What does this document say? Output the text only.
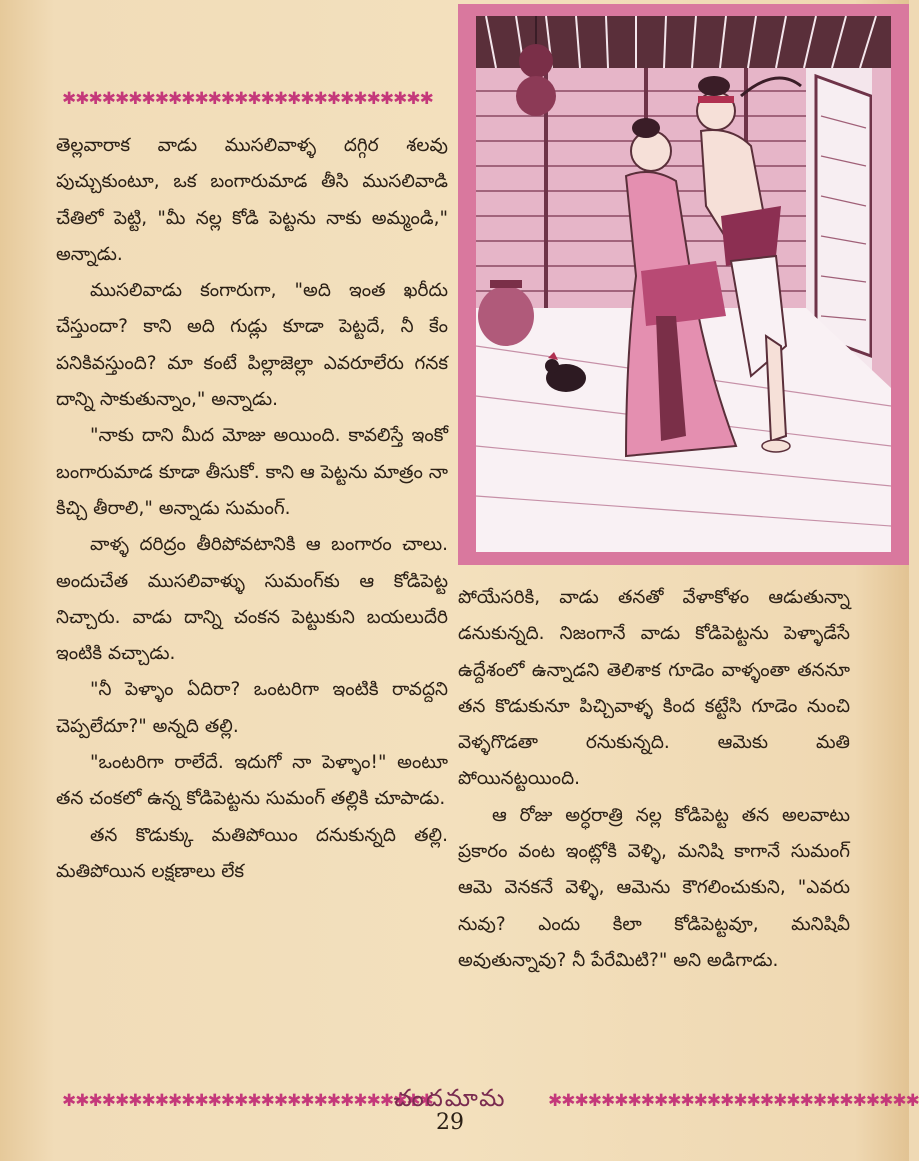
✱✱✱✱✱✱✱✱✱✱✱✱✱✱✱✱✱✱✱✱✱✱✱✱✱✱✱✱

తెల్లవారాక వాడు ముసలివాళ్ళ దగ్గిర శలవు పుచ్చుకుంటూ, ఒక బంగారుమాడ తీసి ముసలివాడి చేతిలో పెట్టి, "మీ నల్ల కోడి పెట్టను నాకు అమ్మండి," అన్నాడు.

ముసలివాడు కంగారుగా, "అది ఇంత ఖరీదు చేస్తుందా? కాని అది గుడ్లు కూడా పెట్టదే, నీ కేం పనికివస్తుంది? మా కంటే పిల్లాజెల్లా ఎవరూలేరు గనక దాన్ని సాకుతున్నాం," అన్నాడు.

"నాకు దాని మీద మోజు అయింది. కావలిస్తే ఇంకో బంగారుమాడ కూడా తీసుకో. కాని ఆ పెట్టను మాత్రం నా కిచ్చి తీరాలి," అన్నాడు సుమంగ్.

వాళ్ళ దరిద్రం తీరిపోవటానికి ఆ బంగారం చాలు. అందుచేత ముసలివాళ్ళు సుమంగ్‌కు ఆ కోడిపెట్ట నిచ్చారు. వాడు దాన్ని చంకన పెట్టుకుని బయలుదేరి ఇంటికి వచ్చాడు.

"నీ పెళ్ళాం ఏదిరా? ఒంటరిగా ఇంటికి రావద్దని చెప్పలేదూ?" అన్నది తల్లి.

"ఒంటరిగా రాలేదే. ఇదుగో నా పెళ్ళాం!" అంటూ తన చంకలో ఉన్న కోడిపెట్టను సుమంగ్ తల్లికి చూపాడు.

తన కొడుక్కు మతిపోయిం దనుకున్నది తల్లి. మతిపోయిన లక్షణాలు లేక

పోయేసరికి, వాడు తనతో వేళాకోళం ఆడుతున్నా డనుకున్నది. నిజంగానే వాడు కోడిపెట్టను పెళ్ళాడేసే ఉద్దేశంలో ఉన్నాడని తెలిశాక గూడెం వాళ్ళంతా తననూ తన కొడుకునూ పిచ్చివాళ్ళ కింద కట్టేసి గూడెం నుంచి వెళ్ళగొడతా రనుకున్నది. ఆమెకు మతి పోయినట్టయింది.

ఆ రోజు అర్ధరాత్రి నల్ల కోడిపెట్ట తన అలవాటు ప్రకారం వంట ఇంట్లోకి వెళ్ళి, మనిషి కాగానే సుమంగ్ ఆమె వెనకనే వెళ్ళి, ఆమెను కౌగలించుకుని, "ఎవరు నువు? ఎందు కిలా కోడిపెట్టవూ, మనిషివీ అవుతున్నావు? నీ పేరేమిటి?" అని అడిగాడు.

✱✱✱✱✱✱✱✱✱✱✱✱✱✱✱✱✱✱✱✱✱✱✱✱✱✱✱✱
చందమామ	✱✱✱✱✱✱✱✱✱✱✱✱✱✱✱✱✱✱✱✱✱✱✱✱✱✱✱✱
29
